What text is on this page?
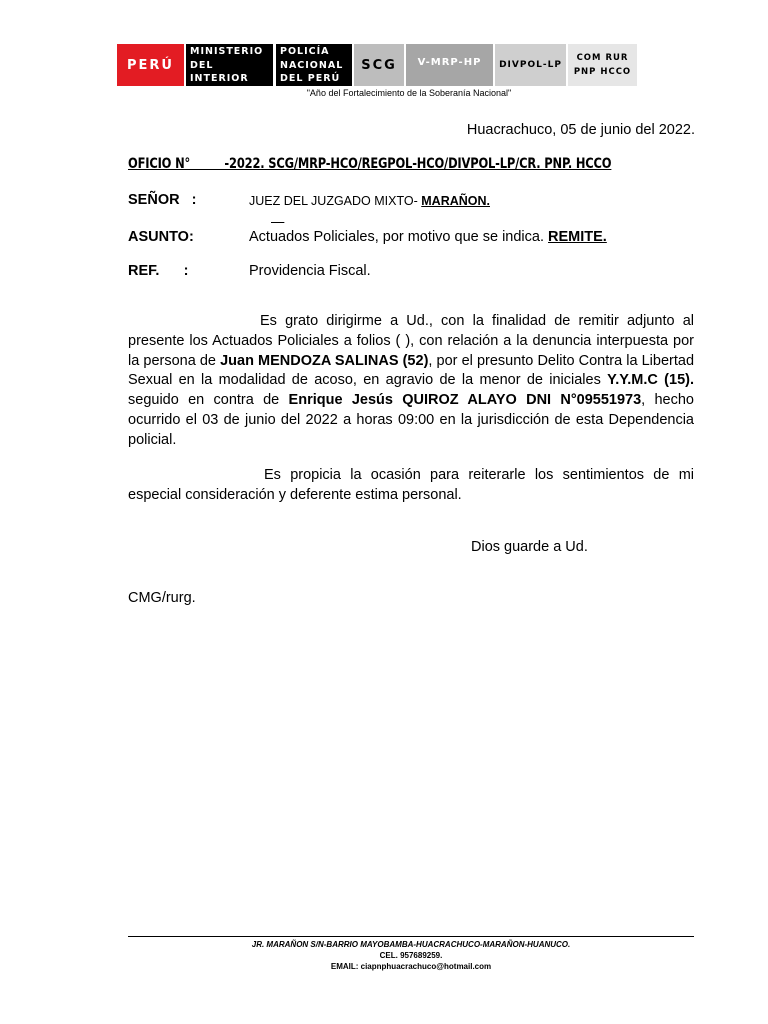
PERÚ
MINISTERIO
DEL
INTERIOR
POLICÍA
NACIONAL
DEL PERÚ
SCG V-MRP-HP DIVPOL-LP
COM RUR
PNP HCCO
"Año del Fortalecimiento de la Soberanía Nacional"
Huacrachuco, 05 de junio del 2022.
OFICIO N°         -2022. SCG/MRP-HCO/REGPOL-HCO/DIVPOL-LP/CR. PNP. HCCO
SEÑOR   :	JUEZ DEL JUZGADO MIXTO- MARAÑON.

ASUNTO:	Actuados Policiales, por motivo que se indica. REMITE.
REF.      :	Providencia Fiscal.
Es grato dirigirme a Ud., con la finalidad de remitir adjunto al presente los Actuados Policiales a folios ( ), con relación a la denuncia interpuesta por la persona de Juan MENDOZA SALINAS (52), por el presunto Delito Contra la Libertad Sexual en la modalidad de acoso, en agravio de la menor de iniciales Y.Y.M.C (15). seguido en contra de Enrique Jesús QUIROZ ALAYO DNI N°09551973, hecho ocurrido el 03 de junio del 2022 a horas 09:00 en la jurisdicción de esta Dependencia policial.
Es propicia la ocasión para reiterarle los sentimientos de mi especial consideración y deferente estima personal.
Dios guarde a Ud.
CMG/rurg.
JR. MARAÑON S/N-BARRIO MAYOBAMBA-HUACRACHUCO-MARAÑON-HUANUCO.
CEL. 957689259.
EMAIL: ciapnphuacrachuco@hotmail.com
